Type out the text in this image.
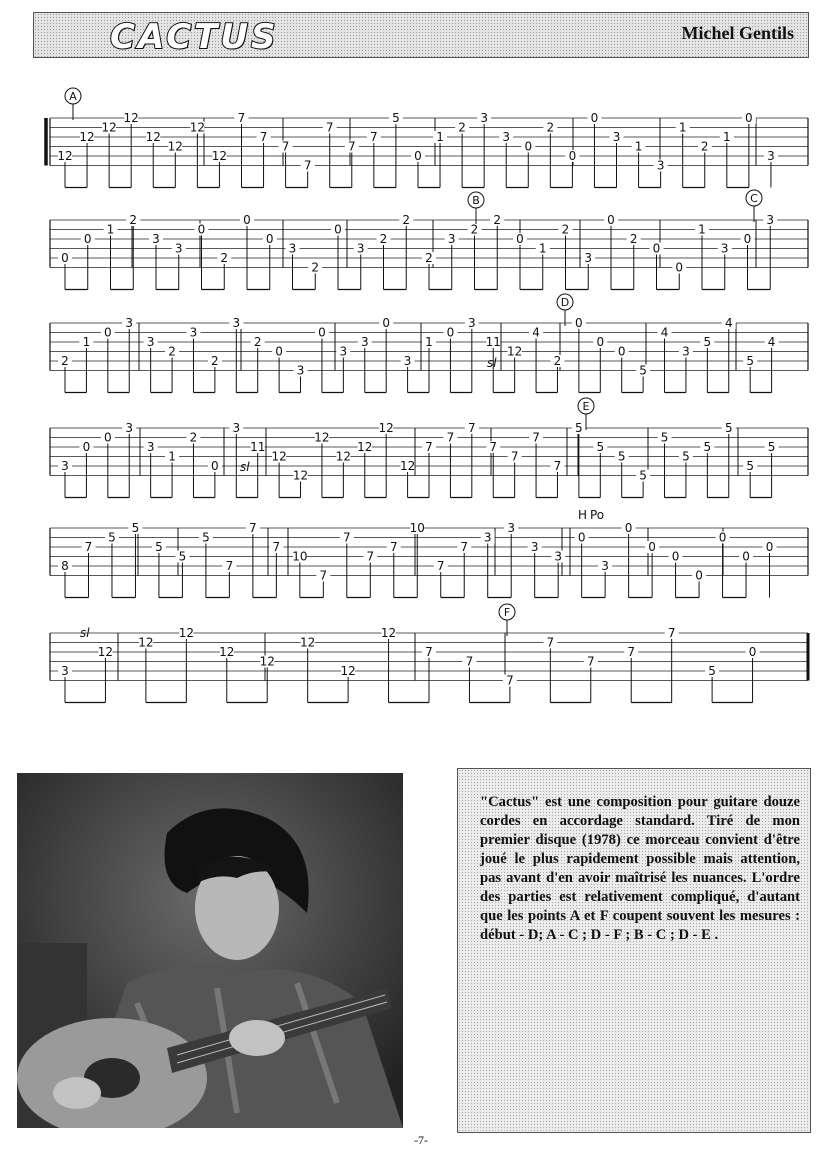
CACTUS	Michel Gentils
12
12
12
12
12
12
12
12
7
7
7
7
7
7
7
5
0
1
2
3
3
0
2
0
0
3
1
3
1
2
1
0
3
0
0
1
2
3
3
0
2
0
0
3
2
0
3
2
2
2
3
2
2
0
1
2
3
0
2
0
0
1
3
0
3
2
1
0
3
3
2
3
2
3
2
0
3
0
3
3
0
3
1
0
3
11
12
4
2
0
0
0
5
4
3
5
4
5
4
3
0
0
3
3
1
2
0
3
11
12
12
12
12
12
12
12
7
7
7
7
7
7
7
5
5
5
5
5
5
5
5
5
5
8
7
5
5
5
5
5
7
7
7
10
7
7
7
7
10
7
7
3
3
3
3
0
3
0
0
0
0
0
0
0
3
12
12
12
12
12
12
12
12
7
7
7
7
7
7
7
5
0
A
B	C
D
E
F
sl
sl
sl
H Po

"Cactus" est une composition pour guitare douze cordes en accordage standard. Tiré de mon premier disque (1978) ce morceau convient d'être joué le plus rapidement possible mais attention, pas avant d'en avoir maîtrisé les nuances. L'ordre des parties est relativement compliqué, d'autant que les points A et F coupent souvent les mesures : début - D; A - C ; D - F ; B - C ; D - E .

-7-
